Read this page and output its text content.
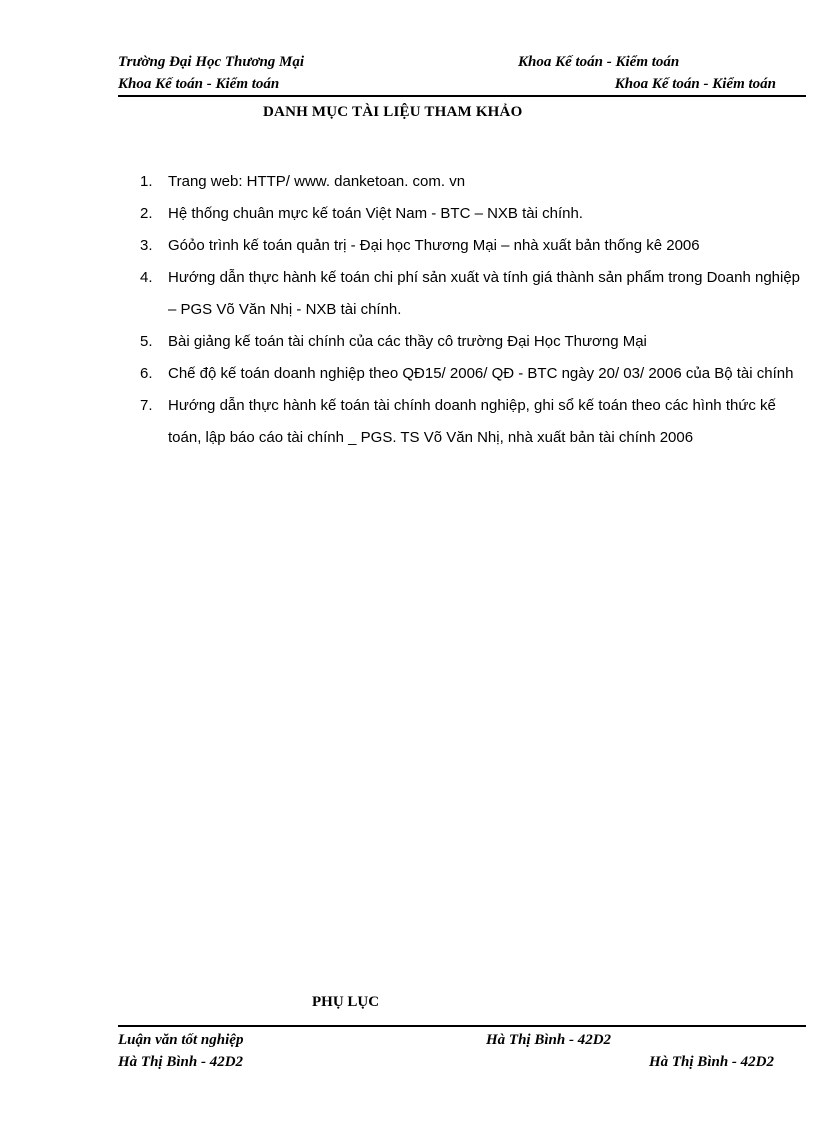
Trường Đại Học Thương Mại	Khoa Kế toán - Kiểm toán
Khoa Kế toán - Kiểm toán	Khoa Kế toán - Kiểm toán
DANH MỤC TÀI LIỆU THAM KHẢO
1. Trang web: HTTP/ www. danketoan. com. vn
2. Hệ thống chuân mực kế toán Việt Nam - BTC – NXB tài chính.
3. Góỏo trình kế toán quản trị - Đại học Thương Mại – nhà xuất bản thống kê 2006
4. Hướng dẫn thực hành kế toán chi phí sản xuất và tính giá thành sản phẩm trong Doanh nghiệp – PGS Võ Văn Nhị - NXB tài chính.
5. Bài giảng kế toán tài chính của các thầy cô trường Đại Học Thương Mại
6. Chế độ kế toán doanh nghiệp theo QĐ15/ 2006/ QĐ - BTC ngày 20/ 03/ 2006 của Bộ tài chính
7. Hướng dẫn thực hành kế toán tài chính doanh nghiệp, ghi sổ kế toán theo các hình thức kế toán, lập báo cáo tài chính _ PGS. TS Võ Văn Nhị, nhà xuất bản tài chính 2006
PHỤ LỤC
Luận văn tốt nghiệp	Hà Thị Bình - 42D2
Hà Thị Bình - 42D2	Hà Thị Bình - 42D2
